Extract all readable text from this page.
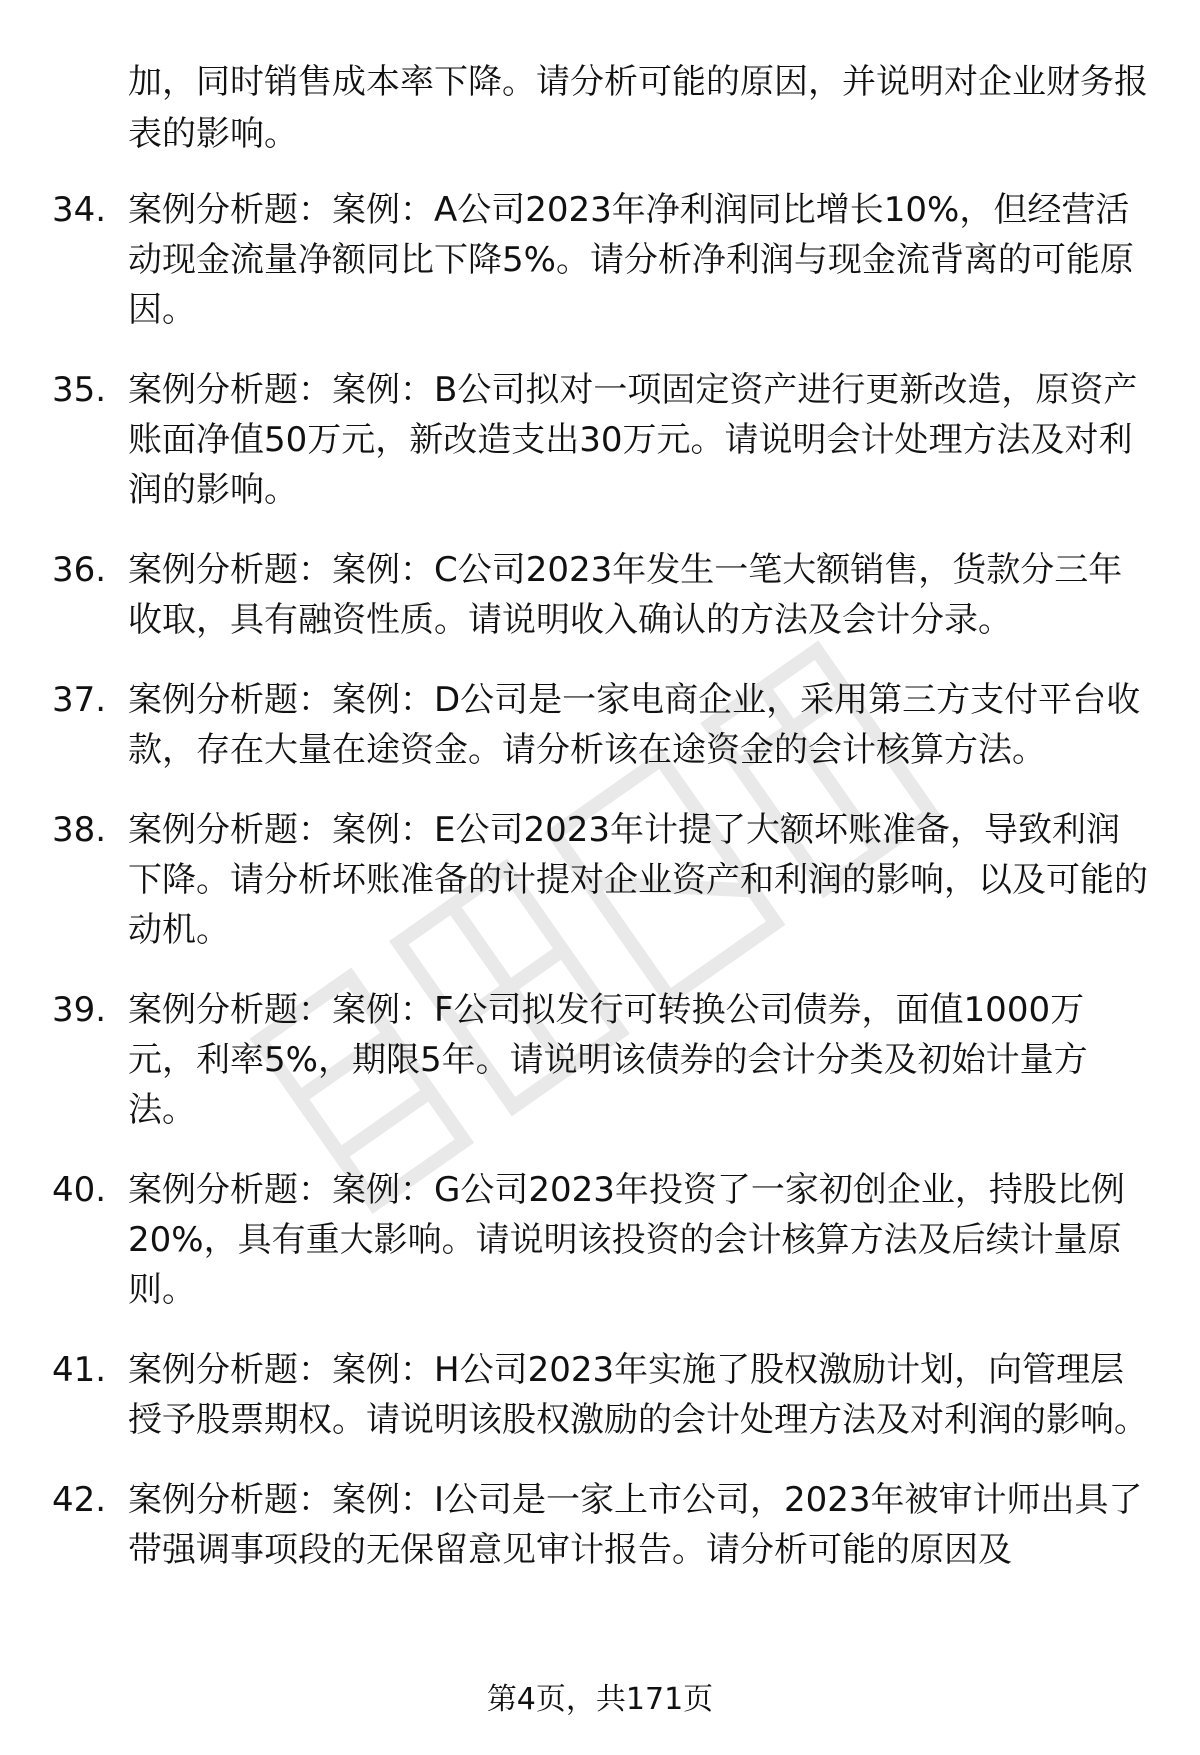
加，同时销售成本率下降。请分析可能的原因，并说明对企业财务报表的影响。

34. 案例分析题：案例：A公司2023年净利润同比增长10%，但经营活动现金流量净额同比下降5%。请分析净利润与现金流背离的可能原因。
35. 案例分析题：案例：B公司拟对一项固定资产进行更新改造，原资产账面净值50万元，新改造支出30万元。请说明会计处理方法及对利润的影响。
36. 案例分析题：案例：C公司2023年发生一笔大额销售，货款分三年收取，具有融资性质。请说明收入确认的方法及会计分录。
37. 案例分析题：案例：D公司是一家电商企业，采用第三方支付平台收款，存在大量在途资金。请分析该在途资金的会计核算方法。
38. 案例分析题：案例：E公司2023年计提了大额坏账准备，导致利润下降。请分析坏账准备的计提对企业资产和利润的影响，以及可能的动机。
39. 案例分析题：案例：F公司拟发行可转换公司债券，面值1000万元，利率5%，期限5年。请说明该债券的会计分类及初始计量方法。
40. 案例分析题：案例：G公司2023年投资了一家初创企业，持股比例20%，具有重大影响。请说明该投资的会计核算方法及后续计量原则。
41. 案例分析题：案例：H公司2023年实施了股权激励计划，向管理层授予股票期权。请说明该股权激励的会计处理方法及对利润的影响。
42. 案例分析题：案例：I公司是一家上市公司，2023年被审计师出具了带强调事项段的无保留意见审计报告。请分析可能的原因及
第4页，共171页
